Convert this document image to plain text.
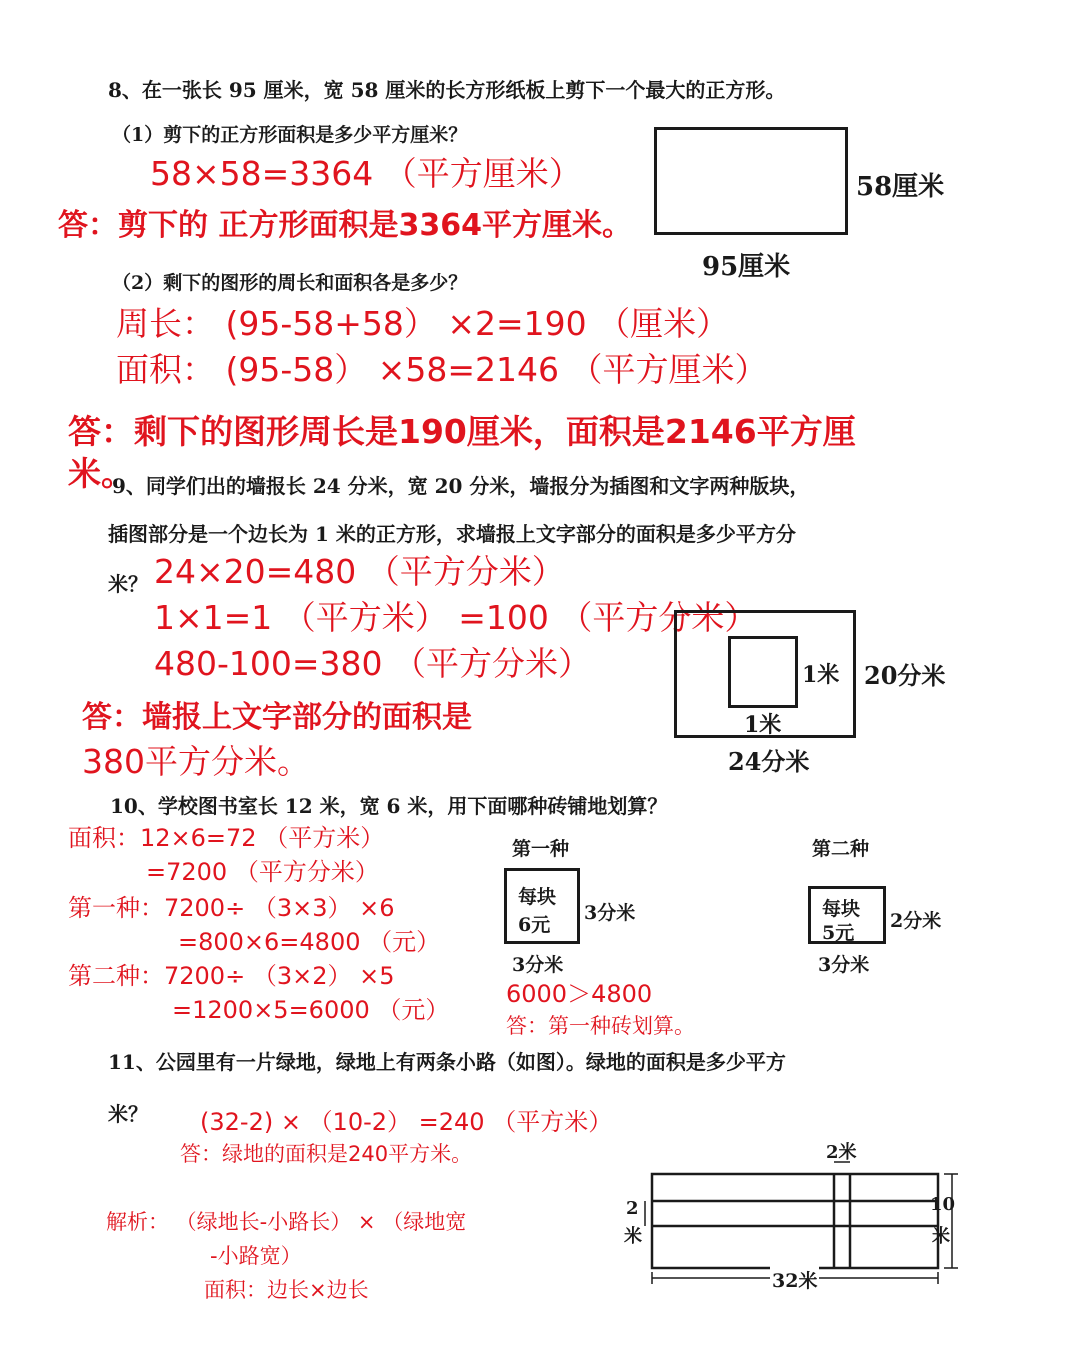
8、在一张长 95 厘米，宽 58 厘米的长方形纸板上剪下一个最大的正方形。
（1）剪下的正方形面积是多少平方厘米？
58×58=3364 （平方厘米）
答：剪下的 正方形面积是3364平方厘米。
58厘米
95厘米
（2）剩下的图形的周长和面积各是多少？
周长： (95-58+58） ×2=190 （厘米）
面积： (95-58） ×58=2146 （平方厘米）
答：剩下的图形周长是190厘米，面积是2146平方厘
米。
9、同学们出的墙报长 24 分米，宽 20 分米，墙报分为插图和文字两种版块，
插图部分是一个边长为 1 米的正方形，求墙报上文字部分的面积是多少平方分
米？ 24×20=480 （平方分米）
1×1=1 （平方米） =100 （平方分米）
480-100=380 （平方分米）
答：墙报上文字部分的面积是
380平方分米。
1米
1米
20分米
24分米
10、学校图书室长 12 米，宽 6 米，用下面哪种砖铺地划算？
面积：12×6=72 （平方米）
=7200 （平方分米）
第一种：7200÷ （3×3） ×6
=800×6=4800 （元）
第二种：7200÷ （3×2） ×5
=1200×5=6000 （元）
第一种
每块
6元
3分米
3分米
第二种
每块
5元
2分米
3分米
6000＞4800
答：第一种砖划算。
11、公园里有一片绿地，绿地上有两条小路（如图）。绿地的面积是多少平方
米？ (32-2) × （10-2） =240 （平方米）
答：绿地的面积是240平方米。
解析： （绿地长-小路长） × （绿地宽
-小路宽）
面积：边长×边长
2米
2
米
10
米
32米
